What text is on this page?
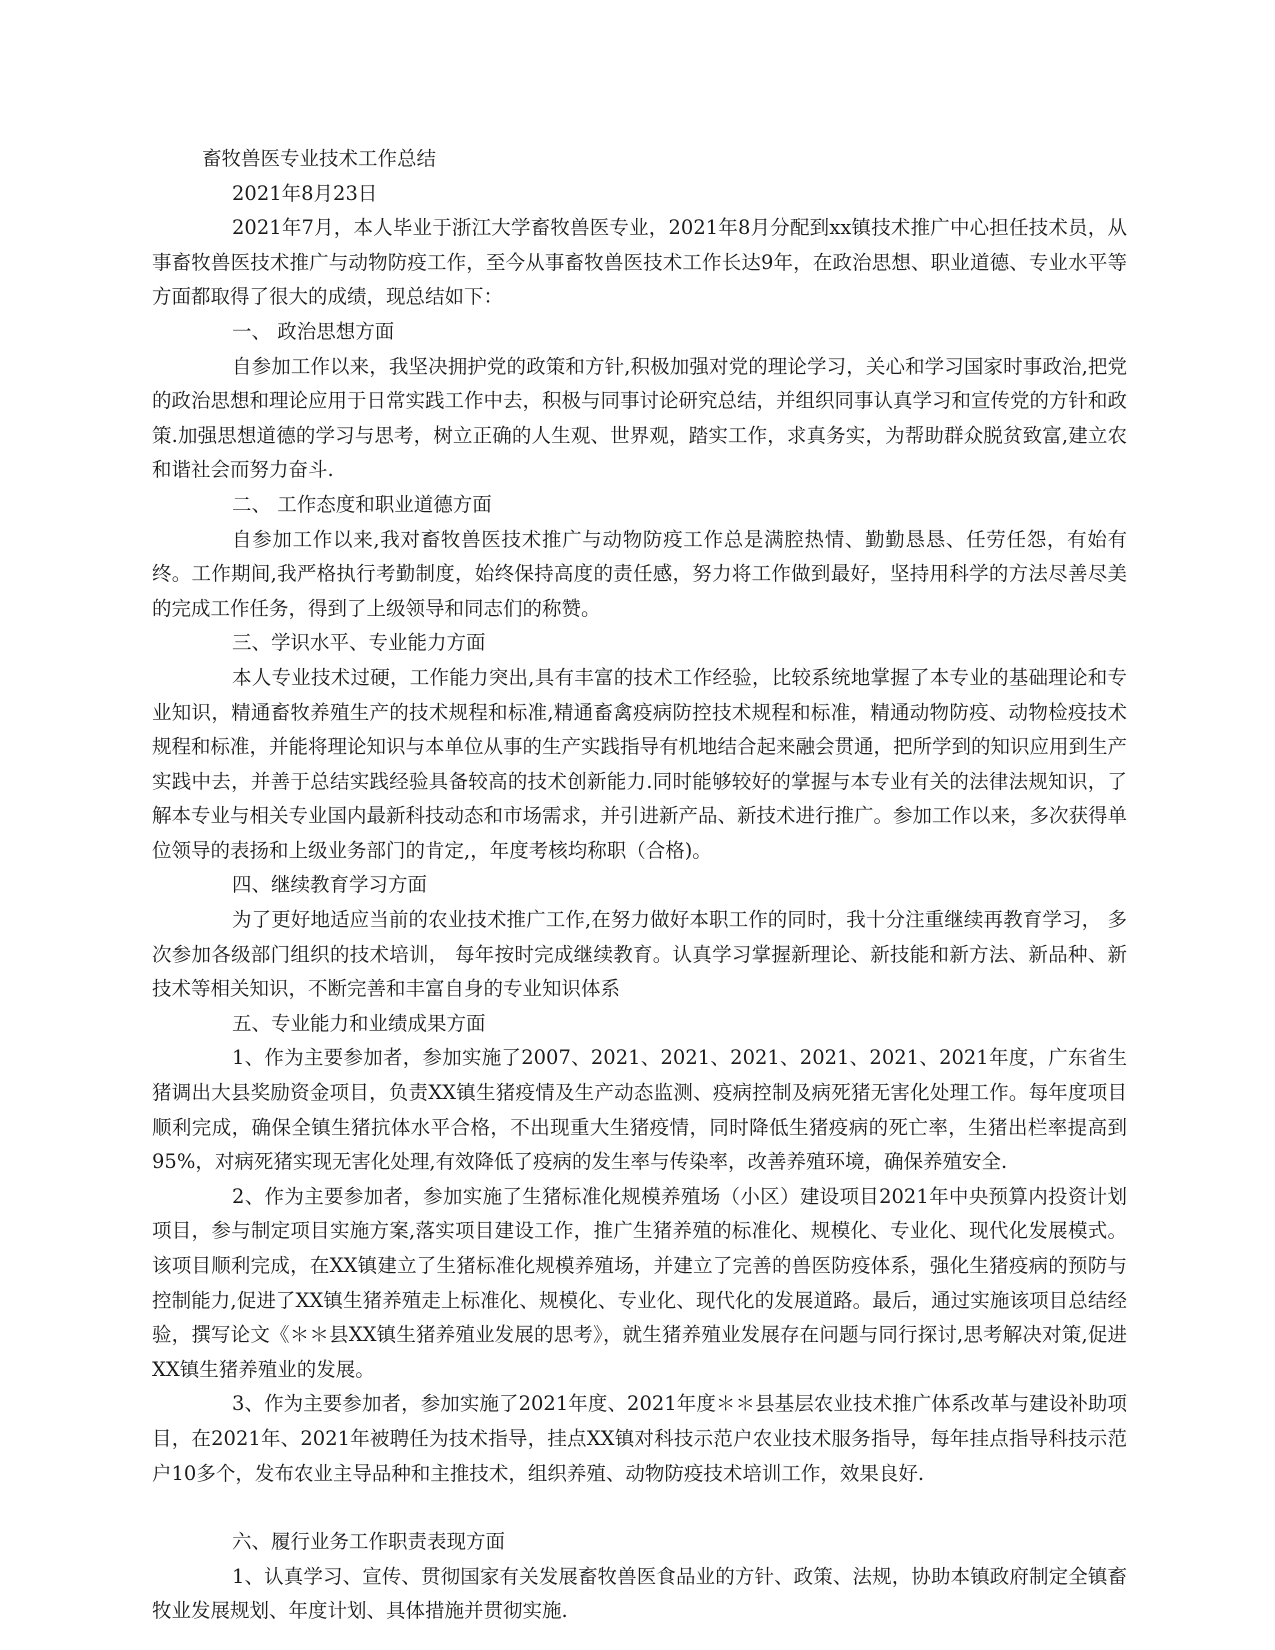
畜牧兽医专业技术工作总结

2021年8月23日

2021年7月，本人毕业于浙江大学畜牧兽医专业，2021年8月分配到xx镇技术推广中心担任技术员，从事畜牧兽医技术推广与动物防疫工作，至今从事畜牧兽医技术工作长达9年，在政治思想、职业道德、专业水平等方面都取得了很大的成绩，现总结如下：

一、 政治思想方面

自参加工作以来，我坚决拥护党的政策和方针,积极加强对党的理论学习，关心和学习国家时事政治,把党的政治思想和理论应用于日常实践工作中去，积极与同事讨论研究总结，并组织同事认真学习和宣传党的方针和政策.加强思想道德的学习与思考，树立正确的人生观、世界观，踏实工作，求真务实，为帮助群众脱贫致富,建立农和谐社会而努力奋斗.

二、 工作态度和职业道德方面

自参加工作以来,我对畜牧兽医技术推广与动物防疫工作总是满腔热情、勤勤恳恳、任劳任怨，有始有终。工作期间,我严格执行考勤制度，始终保持高度的责任感，努力将工作做到最好，坚持用科学的方法尽善尽美的完成工作任务，得到了上级领导和同志们的称赞。

三、学识水平、专业能力方面

本人专业技术过硬，工作能力突出,具有丰富的技术工作经验，比较系统地掌握了本专业的基础理论和专业知识，精通畜牧养殖生产的技术规程和标准,精通畜禽疫病防控技术规程和标准，精通动物防疫、动物检疫技术规程和标准，并能将理论知识与本单位从事的生产实践指导有机地结合起来融会贯通，把所学到的知识应用到生产实践中去，并善于总结实践经验具备较高的技术创新能力.同时能够较好的掌握与本专业有关的法律法规知识，了解本专业与相关专业国内最新科技动态和市场需求，并引进新产品、新技术进行推广。参加工作以来，多次获得单位领导的表扬和上级业务部门的肯定,，年度考核均称职（合格)。

四、继续教育学习方面

为了更好地适应当前的农业技术推广工作,在努力做好本职工作的同时，我十分注重继续再教育学习， 多次参加各级部门组织的技术培训， 每年按时完成继续教育。认真学习掌握新理论、新技能和新方法、新品种、新技术等相关知识，不断完善和丰富自身的专业知识体系

五、专业能力和业绩成果方面

1、作为主要参加者，参加实施了2007、2021、2021、2021、2021、2021、2021年度，广东省生猪调出大县奖励资金项目，负责XX镇生猪疫情及生产动态监测、疫病控制及病死猪无害化处理工作。每年度项目顺利完成，确保全镇生猪抗体水平合格，不出现重大生猪疫情，同时降低生猪疫病的死亡率，生猪出栏率提高到95%，对病死猪实现无害化处理,有效降低了疫病的发生率与传染率，改善养殖环境，确保养殖安全.

2、作为主要参加者，参加实施了生猪标准化规模养殖场（小区）建设项目2021年中央预算内投资计划项目，参与制定项目实施方案,落实项目建设工作，推广生猪养殖的标准化、规模化、专业化、现代化发展模式。该项目顺利完成，在XX镇建立了生猪标准化规模养殖场，并建立了完善的兽医防疫体系，强化生猪疫病的预防与控制能力,促进了XX镇生猪养殖走上标准化、规模化、专业化、现代化的发展道路。最后，通过实施该项目总结经验，撰写论文《＊＊县XX镇生猪养殖业发展的思考》，就生猪养殖业发展存在问题与同行探讨,思考解决对策,促进XX镇生猪养殖业的发展。

3、作为主要参加者，参加实施了2021年度、2021年度＊＊县基层农业技术推广体系改革与建设补助项目，在2021年、2021年被聘任为技术指导，挂点XX镇对科技示范户农业技术服务指导，每年挂点指导科技示范户10多个，发布农业主导品种和主推技术，组织养殖、动物防疫技术培训工作，效果良好.

六、履行业务工作职责表现方面

1、认真学习、宣传、贯彻国家有关发展畜牧兽医食品业的方针、政策、法规，协助本镇政府制定全镇畜牧业发展规划、年度计划、具体措施并贯彻实施.
